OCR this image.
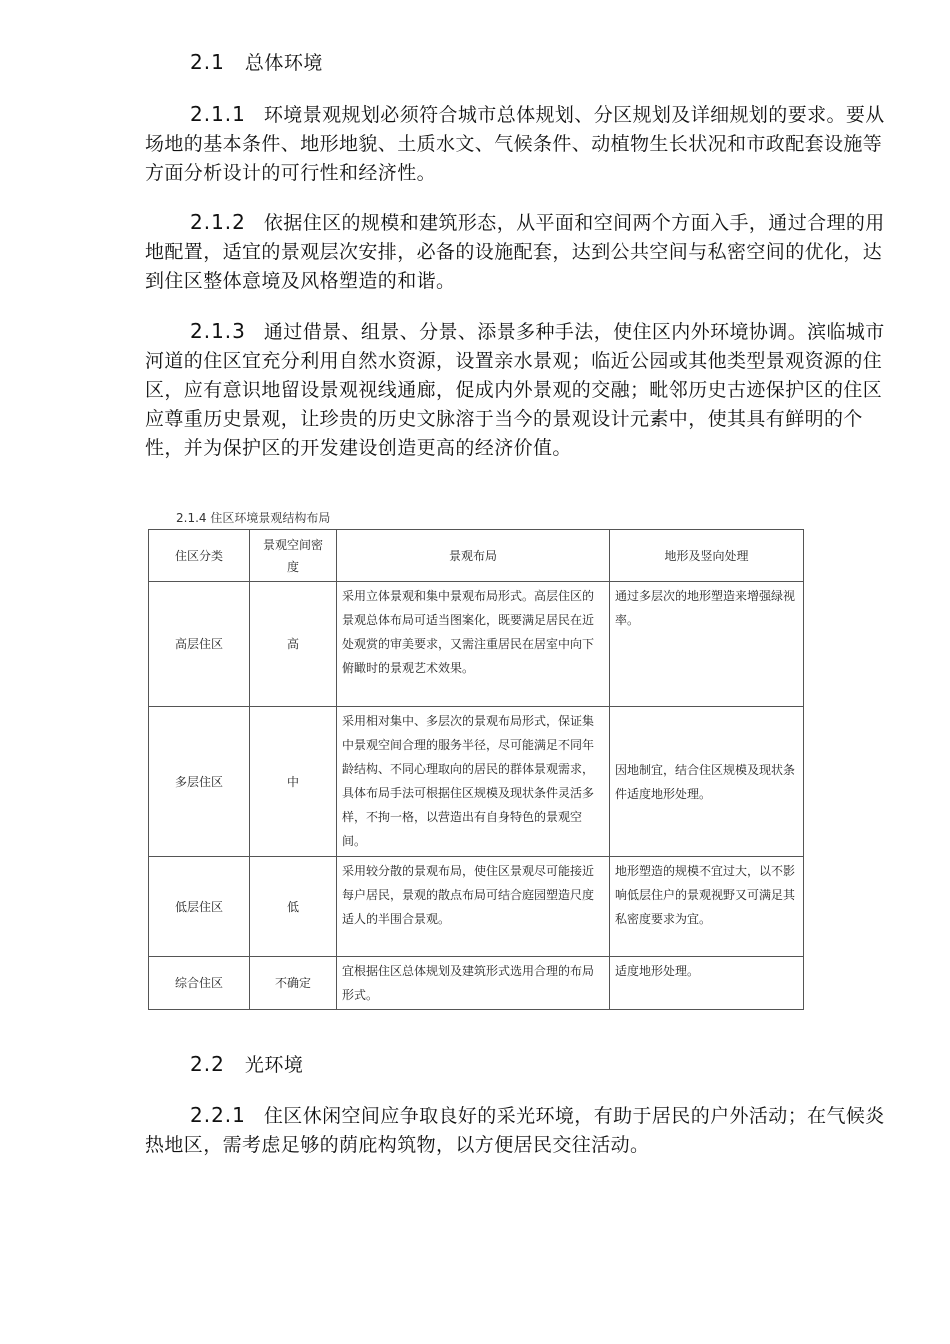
2.1 总体环境
2.1.1 环境景观规划必须符合城市总体规划、分区规划及详细规划的要求。要从场地的基本条件、地形地貌、土质水文、气候条件、动植物生长状况和市政配套设施等方面分析设计的可行性和经济性。
2.1.2 依据住区的规模和建筑形态，从平面和空间两个方面入手，通过合理的用地配置，适宜的景观层次安排，必备的设施配套，达到公共空间与私密空间的优化，达到住区整体意境及风格塑造的和谐。
2.1.3 通过借景、组景、分景、添景多种手法，使住区内外环境协调。滨临城市河道的住区宜充分利用自然水资源，设置亲水景观；临近公园或其他类型景观资源的住区，应有意识地留设景观视线通廊，促成内外景观的交融；毗邻历史古迹保护区的住区应尊重历史景观，让珍贵的历史文脉溶于当今的景观设计元素中，使其具有鲜明的个性，并为保护区的开发建设创造更高的经济价值。
2.1.4 住区环境景观结构布局
住区分类	景观空间密　　度	景观布局	地形及竖向处理
高层住区	高	采用立体景观和集中景观布局形式。高层住区的景观总体布局可适当图案化，既要满足居民在近处观赏的审美要求，又需注重居民在居室中向下俯瞰时的景观艺术效果。	通过多层次的地形塑造来增强绿视率。
多层住区	中	采用相对集中、多层次的景观布局形式，保证集中景观空间合理的服务半径，尽可能满足不同年龄结构、不同心理取向的居民的群体景观需求，具体布局手法可根据住区规模及现状条件灵活多样，不拘一格，以营造出有自身特色的景观空间。	因地制宜，结合住区规模及现状条件适度地形处理。
低层住区	低	采用较分散的景观布局，使住区景观尽可能接近每户居民，景观的散点布局可结合庭园塑造尺度适人的半围合景观。	地形塑造的规模不宜过大，以不影响低层住户的景观视野又可满足其私密度要求为宜。
综合住区	不确定	宜根据住区总体规划及建筑形式选用合理的布局形式。	适度地形处理。
2.2 光环境
2.2.1 住区休闲空间应争取良好的采光环境，有助于居民的户外活动；在气候炎热地区，需考虑足够的荫庇构筑物，以方便居民交往活动。
